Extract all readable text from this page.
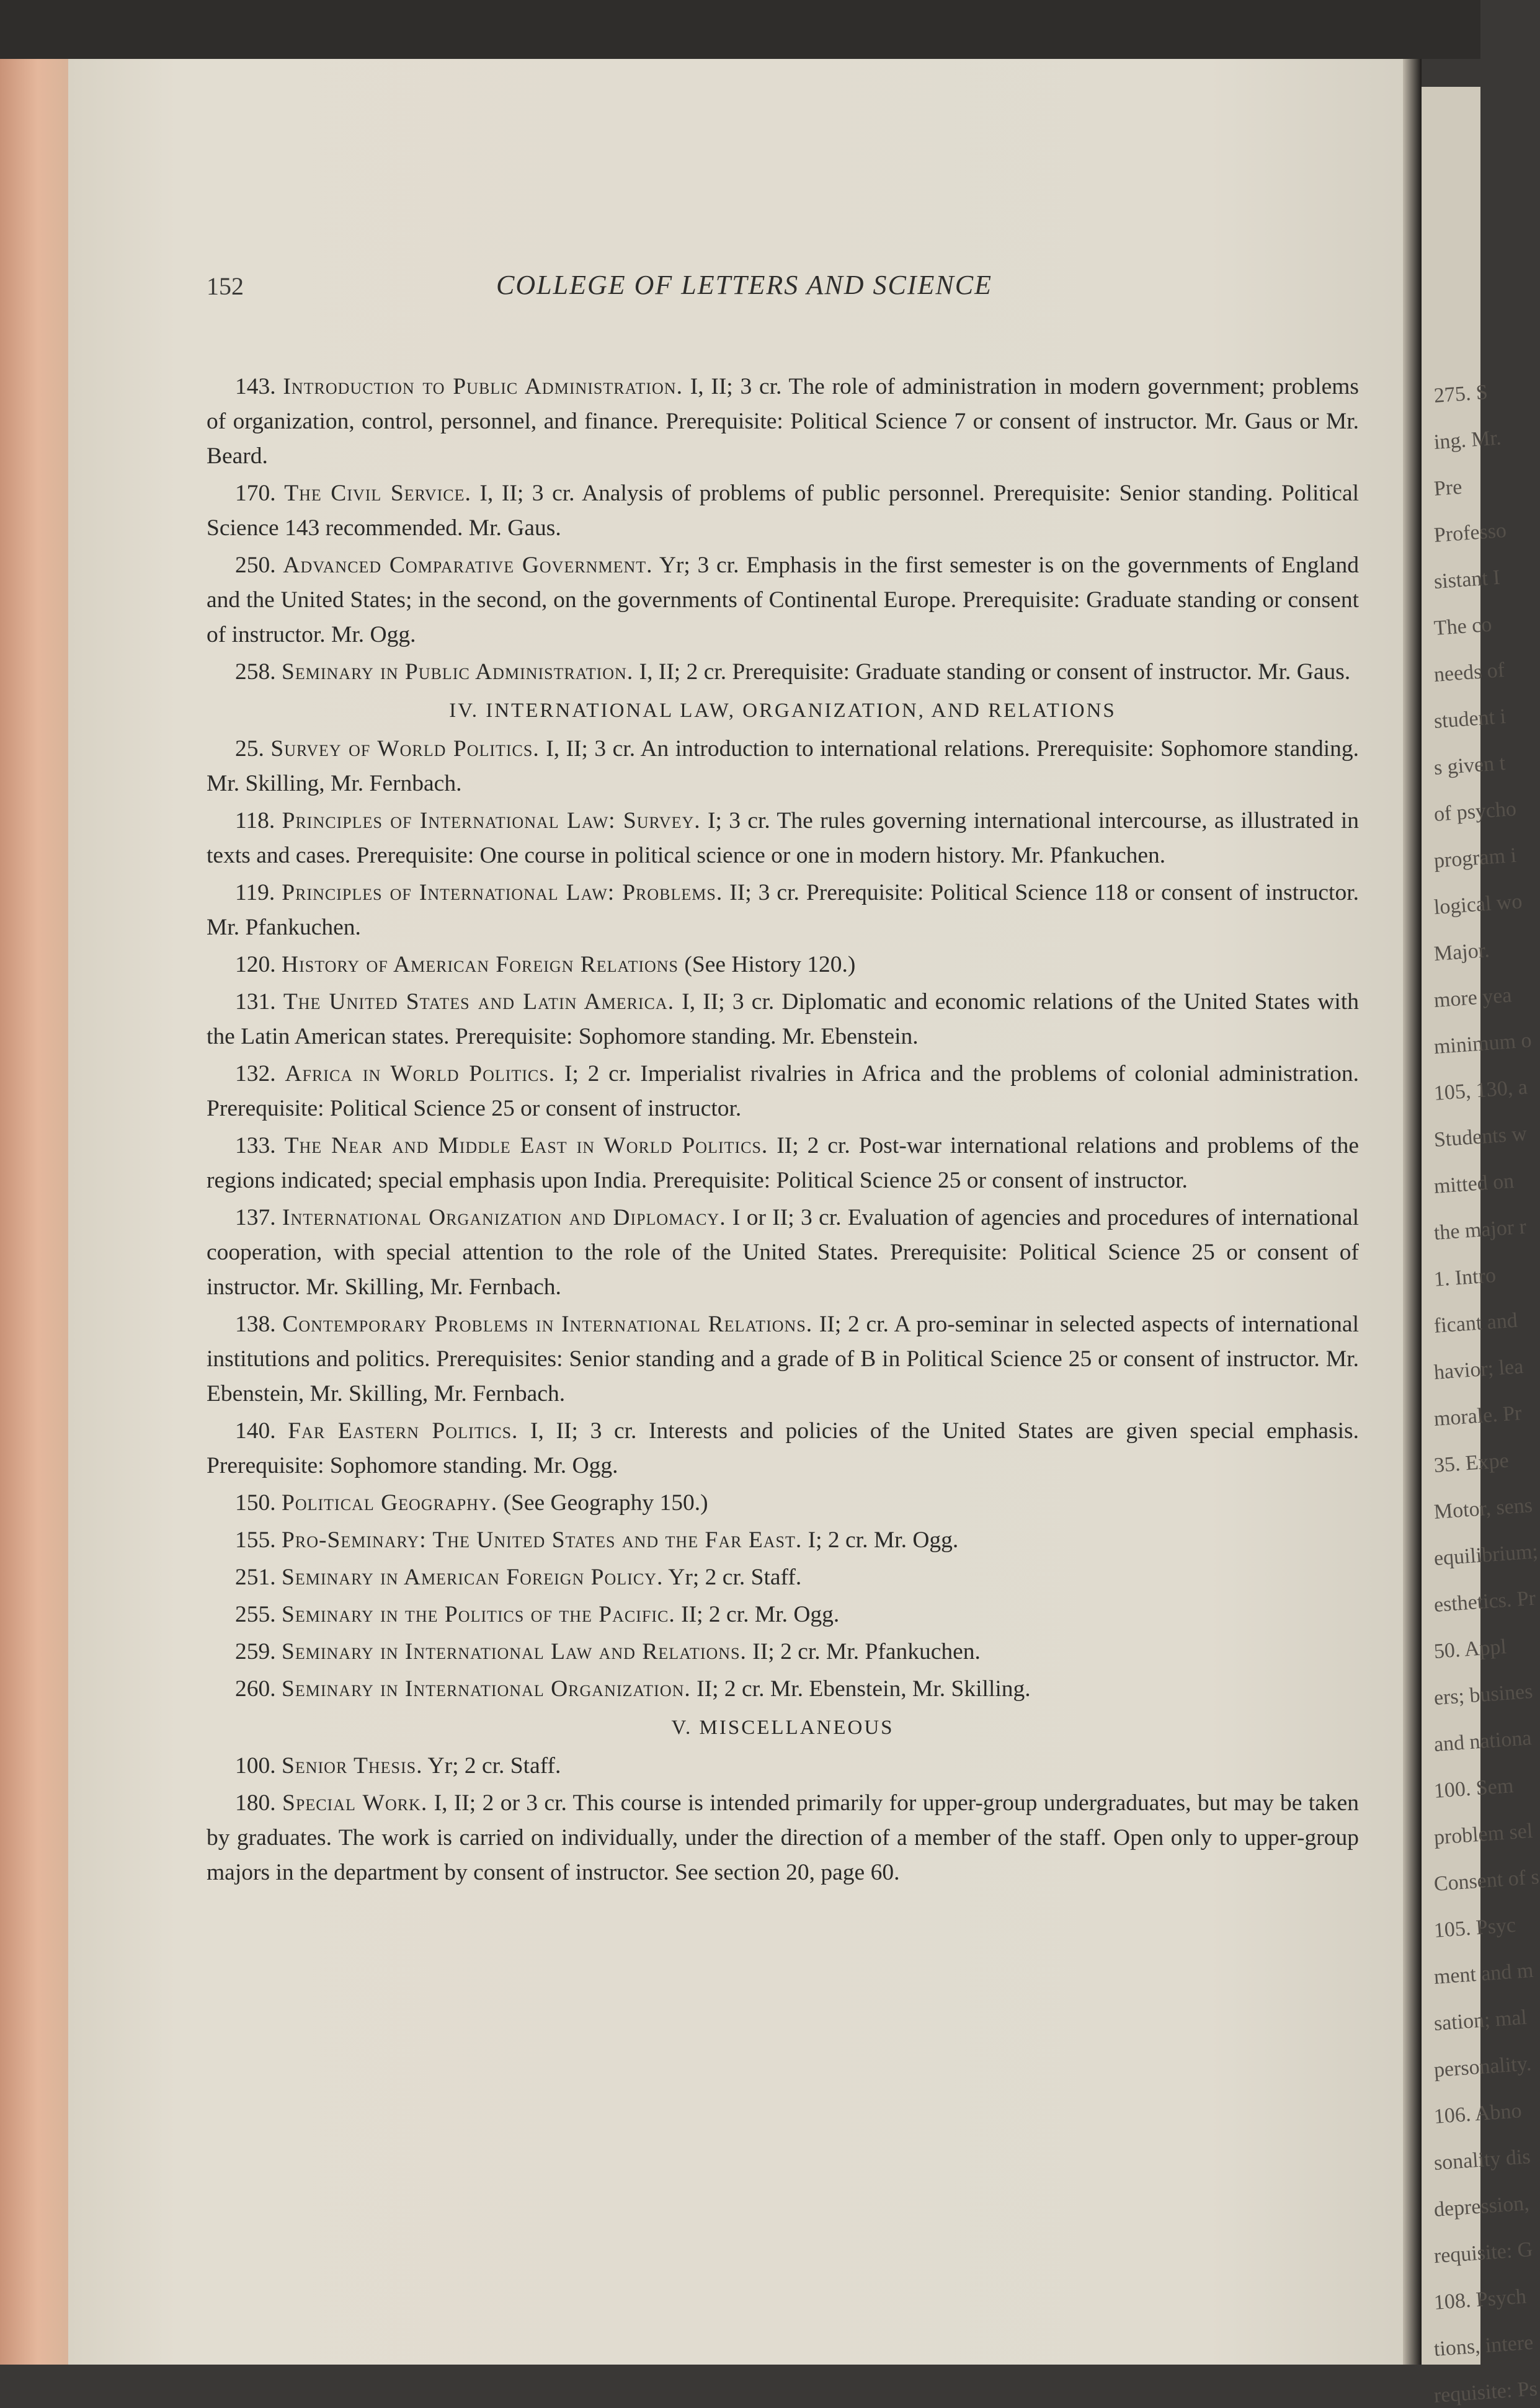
152	COLLEGE OF LETTERS AND SCIENCE

143. Introduction to Public Administration. I, II; 3 cr. The role of administration in modern government; problems of organization, control, personnel, and finance. Prerequisite: Political Science 7 or consent of instructor. Mr. Gaus or Mr. Beard.

170. The Civil Service. I, II; 3 cr. Analysis of problems of public personnel. Prerequisite: Senior standing. Political Science 143 recommended. Mr. Gaus.

250. Advanced Comparative Government. Yr; 3 cr. Emphasis in the first semester is on the governments of England and the United States; in the second, on the governments of Continental Europe. Prerequisite: Graduate standing or consent of instructor. Mr. Ogg.

258. Seminary in Public Administration. I, II; 2 cr. Prerequisite: Graduate standing or consent of instructor. Mr. Gaus.

IV. INTERNATIONAL LAW, ORGANIZATION, AND RELATIONS

25. Survey of World Politics. I, II; 3 cr. An introduction to international relations. Prerequisite: Sophomore standing. Mr. Skilling, Mr. Fernbach.

118. Principles of International Law: Survey. I; 3 cr. The rules governing international intercourse, as illustrated in texts and cases. Prerequisite: One course in political science or one in modern history. Mr. Pfankuchen.

119. Principles of International Law: Problems. II; 3 cr. Prerequisite: Political Science 118 or consent of instructor. Mr. Pfankuchen.

120. History of American Foreign Relations (See History 120.)

131. The United States and Latin America. I, II; 3 cr. Diplomatic and economic relations of the United States with the Latin American states. Prerequisite: Sophomore standing. Mr. Ebenstein.

132. Africa in World Politics. I; 2 cr. Imperialist rivalries in Africa and the problems of colonial administration. Prerequisite: Political Science 25 or consent of instructor.

133. The Near and Middle East in World Politics. II; 2 cr. Post-war international relations and problems of the regions indicated; special emphasis upon India. Prerequisite: Political Science 25 or consent of instructor.

137. International Organization and Diplomacy. I or II; 3 cr. Evaluation of agencies and procedures of international cooperation, with special attention to the role of the United States. Prerequisite: Political Science 25 or consent of instructor. Mr. Skilling, Mr. Fernbach.

138. Contemporary Problems in International Relations. II; 2 cr. A pro-seminar in selected aspects of international institutions and politics. Prerequisites: Senior standing and a grade of B in Political Science 25 or consent of instructor. Mr. Ebenstein, Mr. Skilling, Mr. Fernbach.

140. Far Eastern Politics. I, II; 3 cr. Interests and policies of the United States are given special emphasis. Prerequisite: Sophomore standing. Mr. Ogg.

150. Political Geography. (See Geography 150.)

155. Pro-Seminary: The United States and the Far East. I; 2 cr. Mr. Ogg.

251. Seminary in American Foreign Policy. Yr; 2 cr. Staff.

255. Seminary in the Politics of the Pacific. II; 2 cr. Mr. Ogg.

259. Seminary in International Law and Relations. II; 2 cr. Mr. Pfankuchen.

260. Seminary in International Organization. II; 2 cr. Mr. Ebenstein, Mr. Skilling.

V. MISCELLANEOUS

100. Senior Thesis. Yr; 2 cr. Staff.

180. Special Work. I, II; 2 or 3 cr. This course is intended primarily for upper-group undergraduates, but may be taken by graduates. The work is carried on individually, under the direction of a member of the staff. Open only to upper-group majors in the department by consent of instructor. See section 20, page 60.

275. S
ing. Mr.
Pre
Professo
sistant I
The co
needs of
student i
s given t
of psycho
program i
logical wo
Major.
more yea
minimum o
105, 130, a
Students w
mitted on
the major r
1. Intro
ficant and
havior; lea
morale. Pr
35. Expe
Motor, sens
equilibrium;
esthetics. Pr
50. Appl
ers; busines
and nationa
100. Sem
problem sel
Consent of s
105. Psyc
ment and m
sation; mal
personality.
106. Abno
sonality dis
depression,
requisite: G
108. Psych
tions, intere
requisite: Ps
